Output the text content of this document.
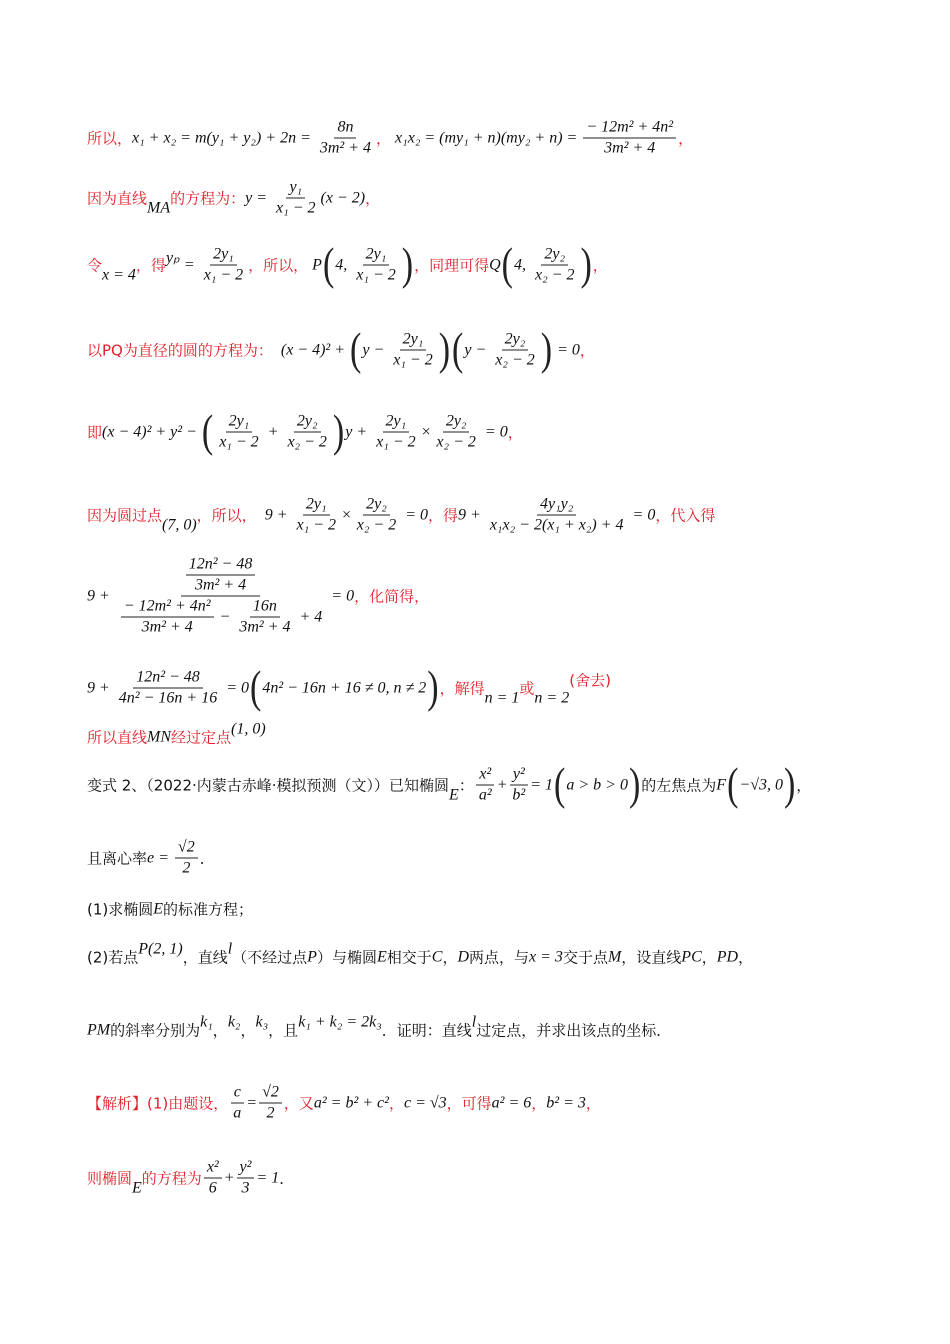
所以， $x_1 + x_2 = m(y_1 + y_2) + 2n = \frac{8n}{\text{3m² + 4}}$ ， $x_1x_2 = (my_1 + n)(my_2 + n) = \frac{\text{− 12m² + 4n²}}{\text{3m² + 4}}$ ，
因为直线 MA 的方程为： $y = \frac{\text{y₁}}{\text{x₁ − 2}} (x - 2)$ ，
令 x = 4 ，得 $y_p = \frac{\text{2y₁}}{\text{x₁ − 2}}$ ，所以， P ( 4, $\frac{\text{2y₁}}{\text{x₁ − 2}}$ ) ，同理可得 Q ( 4, $\frac{\text{2y₂}}{\text{x₂ − 2}}$ ) ，
以PQ为直径的圆的方程为： (x − 4)² + ( $y - \frac{\text{2y₁}}{\text{x₁ − 2}}$ ) ( $y - \frac{\text{2y₂}}{\text{x₂ − 2}}$ ) = 0 ，
即 (x − 4)² + y² − ( $\frac{\text{2y₁}}{\text{x₁ − 2}} + \frac{\text{2y₂}}{\text{x₂ − 2}}$ ) $y + \frac{\text{2y₁}}{\text{x₁ − 2}} \times \frac{\text{2y₂}}{\text{x₂ − 2}} = 0$ ，
因为圆过点 (7, 0) ，所以， $9 + \frac{\text{2y₁}}{\text{x₁ − 2}} \times \frac{\text{2y₂}}{\text{x₂ − 2}} = 0$ ，得 $9 + \frac{\text{4y₁y₂}}{\text{x₁x₂ − 2(x₁ + x₂) + 4}} = 0$ ，代入得
$9 + \frac{\frac{\text{12n² − 48}}{\text{3m² + 4}}}{\frac{\text{− 12m² + 4n²}}{\text{3m² + 4}} - \frac{16n}{\text{3m² + 4}} + 4} = 0$ ，化简得，
$9 + \frac{\text{12n² − 48}}{\text{4n² − 16n + 16}} = 0$ ( 4n² − 16n + 16 ≠ 0, n ≠ 2 ) ，解得 n = 1 或 n = 2
(舍去)
所以直线 MN 经过定点 (1, 0)
变式 2、（2022·内蒙古赤峰·模拟预测（文））已知椭圆 E ： $\frac{\text{x²}}{\text{a²}} + \frac{\text{y²}}{\text{b²}} = 1$ ( a > b > 0 ) 的左焦点为 F ( −√3, 0 ) ，
且离心率 $e = \frac{√2}{2}$ ．
(1)求椭圆 E 的标准方程；
(2)若点 P(2, 1) ，直线 l （不经过点 P ）与椭圆 E 相交于 C ， D 两点，与 x = 3 交于点 M ，设直线 PC ， PD ，
PM 的斜率分别为 k₁ ， k₂ ， k₃ ，且 k₁ + k₂ = 2k₃ ．证明：直线 l 过定点，并求出该点的坐标．
【解析】 (1)由题设， $\frac{c}{a} = \frac{√2}{2}$ ，又 a² = b² + c² ， c = √3 ，可得 a² = 6 ， b² = 3 ，
则椭圆 E 的方程为 $\frac{\text{x²}}{6} + \frac{\text{y²}}{3} = 1$ ．
